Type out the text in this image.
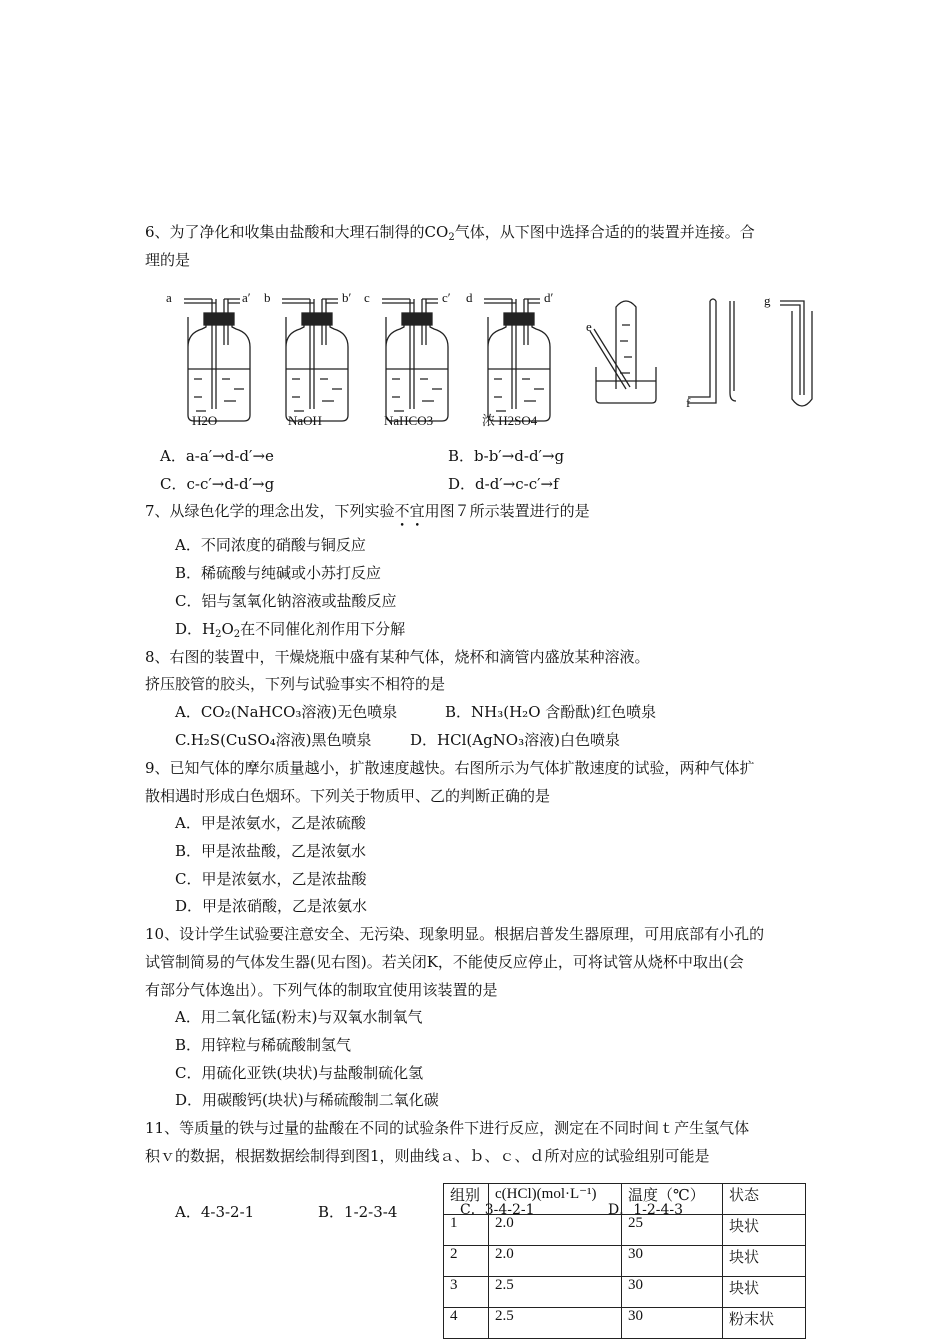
6、为了净化和收集由盐酸和大理石制得的$CO_2$气体，从下图中选择合适的的装置并连接。合
理的是
a	a′ b	b′ c	c′ d	d′
e
f
g
H2O	NaOH	NaHCO3	浓 H2SO4
A．a-a′→d-d′→e	B．b-b′→d-d′→g
C．c-c′→d-d′→g	D．d-d′→c-c′→f
7、从绿色化学的理念出发，下列实验不宜用图７所示装置进行的是
A．不同浓度的硝酸与铜反应
B．稀硫酸与纯碱或小苏打反应
C．铝与氢氧化钠溶液或盐酸反应
D．$H_2O_2$在不同催化剂作用下分解
8、右图的装置中，干燥烧瓶中盛有某种气体，烧杯和滴管内盛放某种溶液。
挤压胶管的胶头，下列与试验事实不相符的是
A．CO₂(NaHCO₃溶液)无色喷泉	B．NH₃(H₂O 含酚酞)红色喷泉
C.H₂S(CuSO₄溶液)黑色喷泉	D．HCl(AgNO₃溶液)白色喷泉
9、已知气体的摩尔质量越小，扩散速度越快。右图所示为气体扩散速度的试验，两种气体扩
散相遇时形成白色烟环。下列关于物质甲、乙的判断正确的是
A．甲是浓氨水，乙是浓硫酸
B．甲是浓盐酸，乙是浓氨水
C．甲是浓氨水，乙是浓盐酸
D．甲是浓硝酸，乙是浓氨水
10、设计学生试验要注意安全、无污染、现象明显。根据启普发生器原理，可用底部有小孔的
试管制简易的气体发生器(见右图)。若关闭K，不能使反应停止，可将试管从烧杯中取出(会
有部分气体逸出）。下列气体的制取宜使用该装置的是
A．用二氧化锰(粉末)与双氧水制氧气
B．用锌粒与稀硫酸制氢气
C．用硫化亚铁(块状)与盐酸制硫化氢
D．用碳酸钙(块状)与稀硫酸制二氧化碳
11、等质量的铁与过量的盐酸在不同的试验条件下进行反应，测定在不同时间ｔ产生氢气体
积ｖ的数据，根据数据绘制得到图1，则曲线ａ、ｂ、ｃ、ｄ所对应的试验组别可能是
A．4-3-2-1	B．1-2-3-4	C．3-4-2-1	D．1-2-4-3
组别	c(HCl)(mol·L⁻¹)	温度（℃）	状态
1	2.0	25	块状
2	2.0	30	块状
3	2.5	30	块状
4	2.5	30	粉末状
